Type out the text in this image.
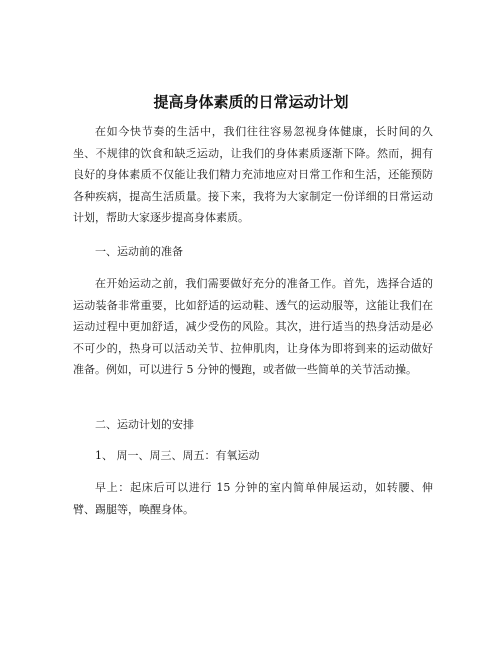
提高身体素质的日常运动计划
在如今快节奏的生活中，我们往往容易忽视身体健康，长时间的久坐、不规律的饮食和缺乏运动，让我们的身体素质逐渐下降。然而，拥有良好的身体素质不仅能让我们精力充沛地应对日常工作和生活，还能预防各种疾病，提高生活质量。接下来，我将为大家制定一份详细的日常运动计划，帮助大家逐步提高身体素质。
一、运动前的准备
在开始运动之前，我们需要做好充分的准备工作。首先，选择合适的运动装备非常重要，比如舒适的运动鞋、透气的运动服等，这能让我们在运动过程中更加舒适，减少受伤的风险。其次，进行适当的热身活动是必不可少的，热身可以活动关节、拉伸肌肉，让身体为即将到来的运动做好准备。例如，可以进行 5 分钟的慢跑，或者做一些简单的关节活动操。
二、运动计划的安排
1、 周一、周三、周五：有氧运动
早上：起床后可以进行 15 分钟的室内简单伸展运动，如转腰、伸臂、踢腿等，唤醒身体。
